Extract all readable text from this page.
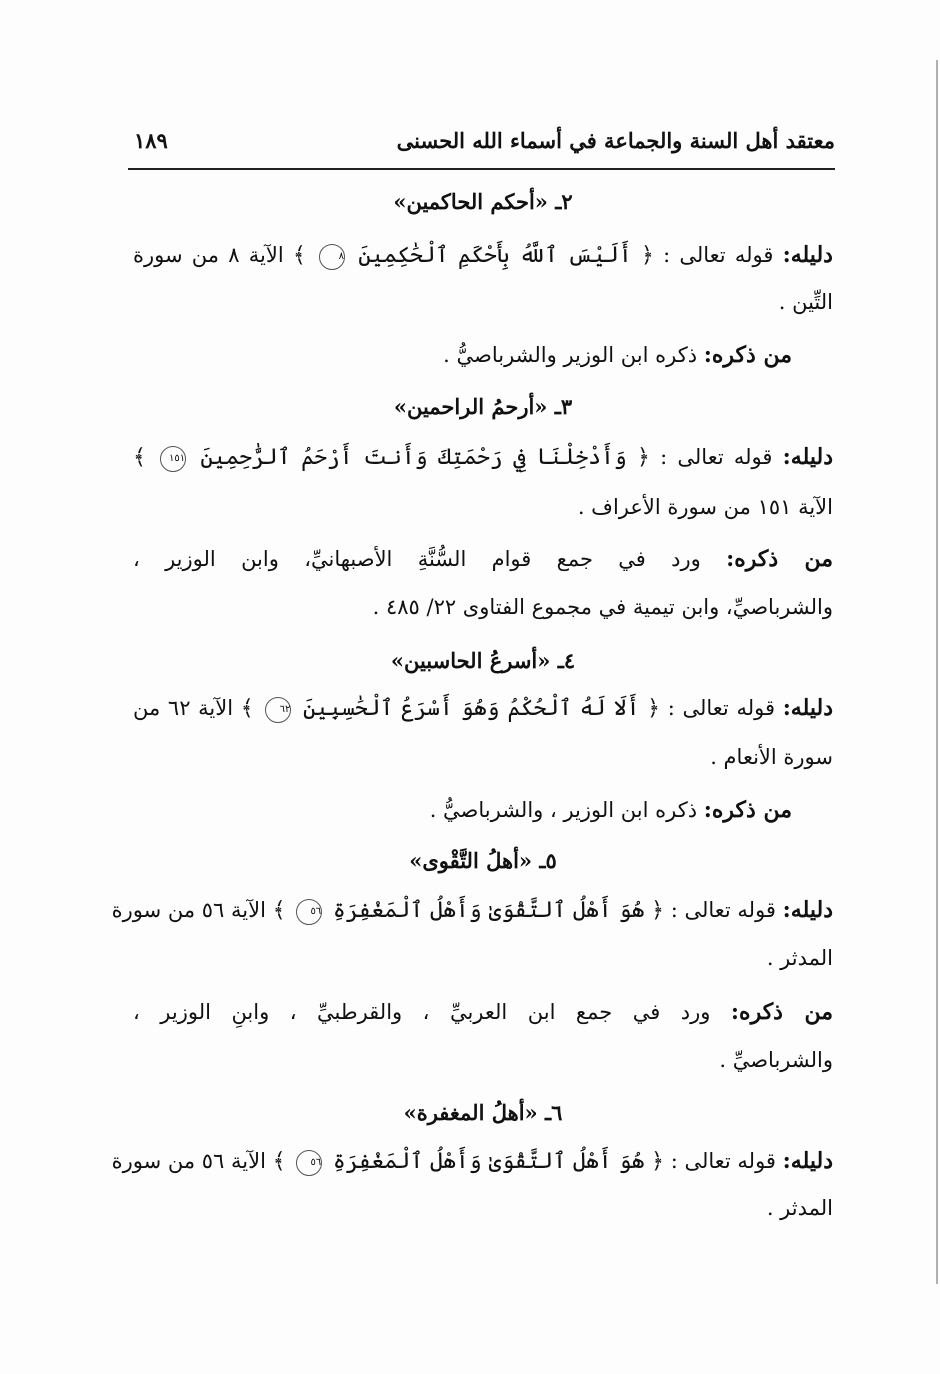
معتقد أهل السنة والجماعة في أسماء الله الحسنى
١٨٩
٢ـ «أحكم الحاكمين»
دليله: قوله تعالى : ﴿ أَلَيْسَ ٱللَّهُ بِأَحْكَمِ ٱلْحَٰكِمِينَ ٨ ﴾ الآية ٨ من سورة
التِّين .
من ذكره: ذكره ابن الوزير والشرباصيُّ .
٣ـ «أرحمُ الراحمين»
دليله: قوله تعالى : ﴿ وَأَدْخِلْنَا فِي رَحْمَتِكَ وَأَنتَ أَرْحَمُ ٱلرَّٰحِمِينَ ١٥١ ﴾
الآية ١٥١ من سورة الأعراف .
من ذكره: ورد في جمع قوام السُّنَّةِ الأصبهانيِّ، وابن الوزير ،
والشرباصيِّ، وابن تيمية في مجموع الفتاوى ٢٢/ ٤٨٥ .
٤ـ «أسرعُ الحاسبين»
دليله: قوله تعالى : ﴿ أَلَا لَهُ ٱلْحُكْمُ وَهُوَ أَسْرَعُ ٱلْحَٰسِبِينَ ٦٢ ﴾ الآية ٦٢ من
سورة الأنعام .
من ذكره: ذكره ابن الوزير ، والشرباصيُّ .
٥ـ «أهلُ التَّقْوى»
دليله: قوله تعالى : ﴿ هُوَ أَهْلُ ٱلتَّقْوَىٰ وَأَهْلُ ٱلْمَغْفِرَةِ ٥٦ ﴾ الآية ٥٦ من سورة
المدثر .
من ذكره: ورد في جمع ابن العربيِّ ، والقرطبيِّ ، وابنِ الوزير ،
والشرباصيِّ .
٦ـ «أهلُ المغفرة»
دليله: قوله تعالى : ﴿ هُوَ أَهْلُ ٱلتَّقْوَىٰ وَأَهْلُ ٱلْمَغْفِرَةِ ٥٦ ﴾ الآية ٥٦ من سورة
المدثر .
